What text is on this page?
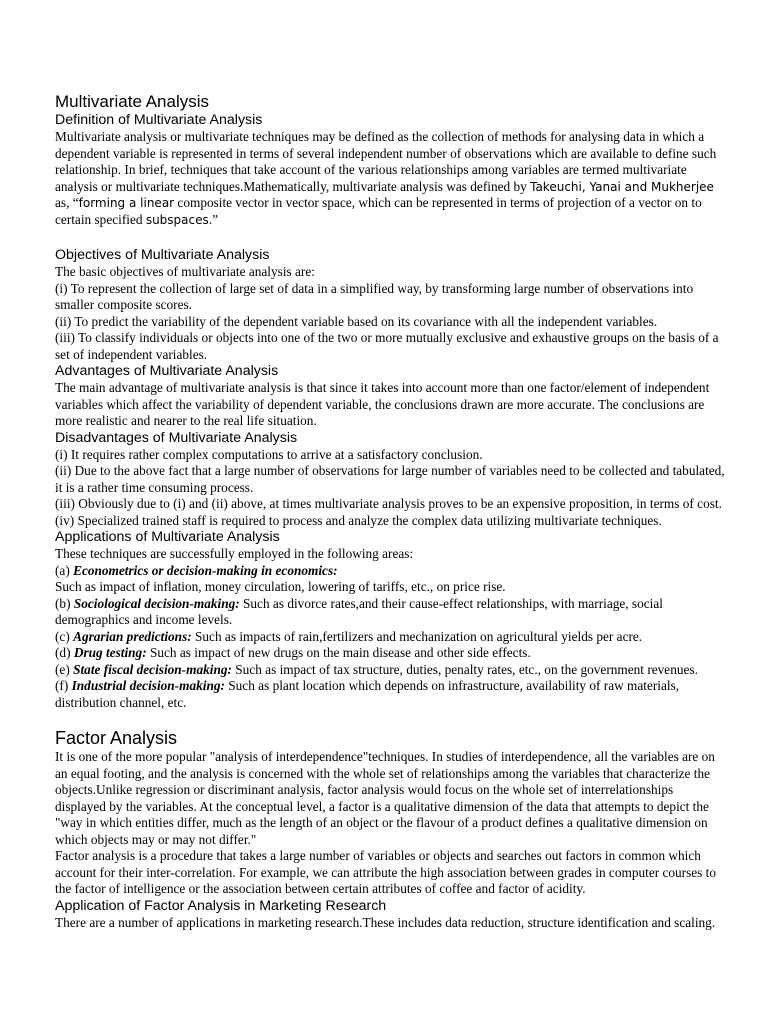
Multivariate Analysis
Definition of Multivariate Analysis

Multivariate analysis or multivariate techniques may be defined as the collection of methods for analysing data in which a dependent variable is represented in terms of several independent number of observations which are available to define such relationship. In brief, techniques that take account of the various relationships among variables are termed multivariate analysis or multivariate techniques.Mathematically, multivariate analysis was defined by Takeuchi, Yanai and Mukherjee as, “forming a linear composite vector in vector space, which can be represented in terms of projection of a vector on to certain specified subspaces.”

Objectives of Multivariate Analysis

The basic objectives of multivariate analysis are:

(i) To represent the collection of large set of data in a simplified way, by transforming large number of observations into smaller composite scores.

(ii) To predict the variability of the dependent variable based on its covariance with all the independent variables.

(iii) To classify individuals or objects into one of the two or more mutually exclusive and exhaustive groups on the basis of a set of independent variables.

Advantages of Multivariate Analysis

The main advantage of multivariate analysis is that since it takes into account more than one factor/element of independent variables which affect the variability of dependent variable, the conclusions drawn are more accurate. The conclusions are more realistic and nearer to the real life situation.

Disadvantages of Multivariate Analysis

(i) It requires rather complex computations to arrive at a satisfactory conclusion.

(ii) Due to the above fact that a large number of observations for large number of variables need to be collected and tabulated, it is a rather time consuming process.

(iii) Obviously due to (i) and (ii) above, at times multivariate analysis proves to be an expensive proposition, in terms of cost.

(iv) Specialized trained staff is required to process and analyze the complex data utilizing multivariate techniques.

Applications of Multivariate Analysis

These techniques are successfully employed in the following areas:

(a) Econometrics or decision-making in economics:

Such as impact of inflation, money circulation, lowering of tariffs, etc., on price rise.

(b) Sociological decision-making: Such as divorce rates,and their cause-effect relationships, with marriage, social demographics and income levels.

(c) Agrarian predictions: Such as impacts of rain,fertilizers and mechanization on agricultural yields per acre.

(d) Drug testing: Such as impact of new drugs on the main disease and other side effects.

(e) State fiscal decision-making: Such as impact of tax structure, duties, penalty rates, etc., on the government revenues.

(f) Industrial decision-making: Such as plant location which depends on infrastructure, availability of raw materials, distribution channel, etc.

Factor Analysis

It is one of the more popular "analysis of interdependence"techniques. In studies of interdependence, all the variables are on an equal footing, and the analysis is concerned with the whole set of relationships among the variables that characterize the objects.Unlike regression or discriminant analysis, factor analysis would focus on the whole set of interrelationships displayed by the variables. At the conceptual level, a factor is a qualitative dimension of the data that attempts to depict the "way in which entities differ, much as the length of an object or the flavour of a product defines a qualitative dimension on which objects may or may not differ."

Factor analysis is a procedure that takes a large number of variables or objects and searches out factors in common which account for their inter-correlation. For example, we can attribute the high association between grades in computer courses to the factor of intelligence or the association between certain attributes of coffee and factor of acidity.

Application of Factor Analysis in Marketing Research

There are a number of applications in marketing research.These includes data reduction, structure identification and scaling.
